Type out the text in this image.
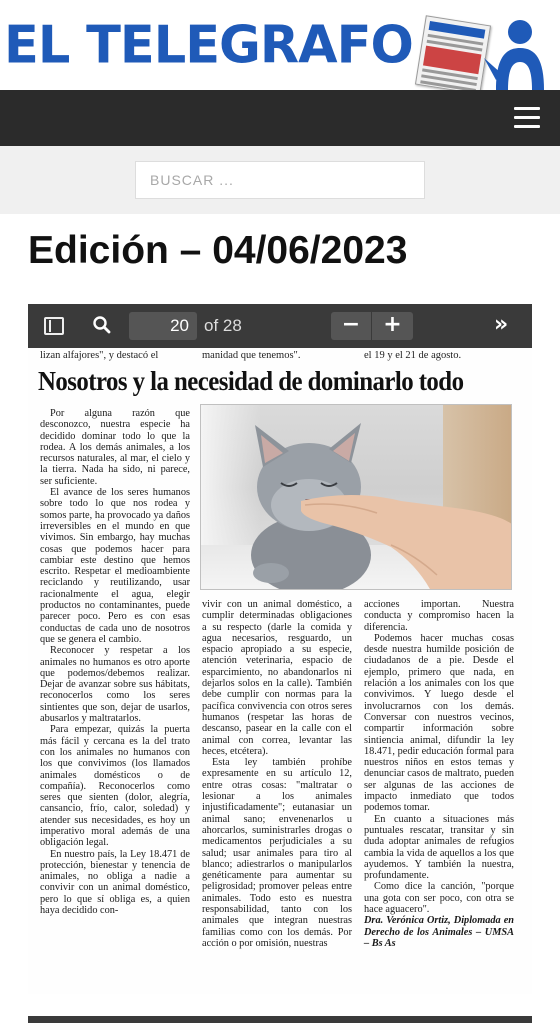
EL TELEGRAFO
BUSCAR ...
Edición – 04/06/2023
20 of 28	−	+	»
lizan alfajores", y destacó el	manidad que tenemos".	el 19 y el 21 de agosto.
Nosotros y la necesidad de dominarlo todo

Por alguna razón que desconozco, nuestra especie ha decidido dominar todo lo que la rodea. A los demás animales, a los recursos naturales, al mar, el cielo y la tierra. Nada ha sido, ni parece, ser suficiente.

El avance de los seres humanos sobre todo lo que nos rodea y somos parte, ha provocado ya daños irreversibles en el mundo en que vivimos. Sin embargo, hay muchas cosas que podemos hacer para cambiar este destino que hemos escrito. Respetar el medioambiente reciclando y reutilizando, usar racionalmente el agua, elegir productos no contaminantes, puede parecer poco. Pero es con esas conductas de cada uno de nosotros que se genera el cambio.

Reconocer y respetar a los animales no humanos es otro aporte que podemos/debemos realizar. Dejar de avanzar sobre sus hábitats, reconocerlos como los seres sintientes que son, dejar de usarlos, abusarlos y maltratarlos.

Para empezar, quizás la puerta más fácil y cercana es la del trato con los animales no humanos con los que convivimos (los llamados animales domésticos o de compañía). Reconocerlos como seres que sienten (dolor, alegría, cansancio, frío, calor, soledad) y atender sus necesidades, es hoy un imperativo moral además de una obligación legal.

En nuestro país, la Ley 18.471 de protección, bienestar y tenencia de animales, no obliga a nadie a convivir con un animal doméstico, pero lo que sí obliga es, a quien haya decidido con-

vivir con un animal doméstico, a cumplir determinadas obligaciones a su respecto (darle la comida y agua necesarios, resguardo, un espacio apropiado a su especie, atención veterinaria, espacio de esparcimiento, no abandonarlos ni dejarlos solos en la calle). También debe cumplir con normas para la pacífica convivencia con otros seres humanos (respetar las horas de descanso, pasear en la calle con el animal con correa, levantar las heces, etcétera).

Esta ley también prohíbe expresamente en su artículo 12, entre otras cosas: "maltratar o lesionar a los animales injustificadamente"; eutanasiar un animal sano; envenenarlos u ahorcarlos, suministrarles drogas o medicamentos perjudiciales a su salud; usar animales para tiro al blanco; adiestrarlos o manipularlos genéticamente para aumentar su peligrosidad; promover peleas entre animales. Todo esto es nuestra responsabilidad, tanto con los animales que integran nuestras familias como con los demás. Por acción o por omisión, nuestras

acciones importan. Nuestra conducta y compromiso hacen la diferencia.

Podemos hacer muchas cosas desde nuestra humilde posición de ciudadanos de a pie. Desde el ejemplo, primero que nada, en relación a los animales con los que convivimos. Y luego desde el involucrarnos con los demás. Conversar con nuestros vecinos, compartir información sobre sintiencia animal, difundir la ley 18.471, pedir educación formal para nuestros niños en estos temas y denunciar casos de maltrato, pueden ser algunas de las acciones de impacto inmediato que todos podemos tomar.

En cuanto a situaciones más puntuales rescatar, transitar y sin duda adoptar animales de refugios cambia la vida de aquellos a los que ayudemos. Y también la nuestra, profundamente.

Como dice la canción, "porque una gota con ser poco, con otra se hace aguacero".

Dra. Verónica Ortiz, Diplomada en Derecho de los Animales – UMSA – Bs As
